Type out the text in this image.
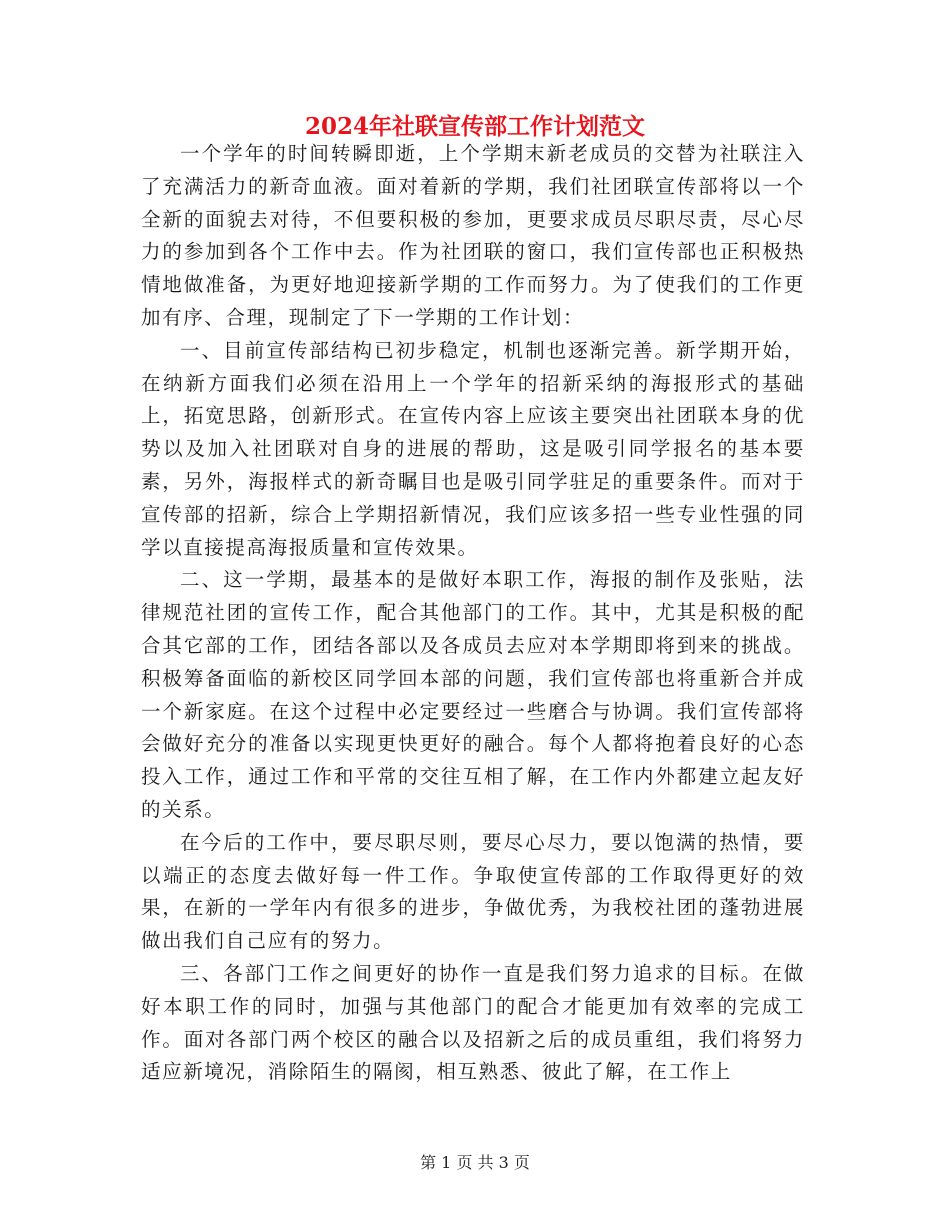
2024年社联宣传部工作计划范文

一个学年的时间转瞬即逝，上个学期末新老成员的交替为社联注入了充满活力的新奇血液。面对着新的学期，我们社团联宣传部将以一个全新的面貌去对待，不但要积极的参加，更要求成员尽职尽责，尽心尽力的参加到各个工作中去。作为社团联的窗口，我们宣传部也正积极热情地做准备，为更好地迎接新学期的工作而努力。为了使我们的工作更加有序、合理，现制定了下一学期的工作计划：

一、目前宣传部结构已初步稳定，机制也逐渐完善。新学期开始，在纳新方面我们必须在沿用上一个学年的招新采纳的海报形式的基础上，拓宽思路，创新形式。在宣传内容上应该主要突出社团联本身的优势以及加入社团联对自身的进展的帮助，这是吸引同学报名的基本要素，另外，海报样式的新奇瞩目也是吸引同学驻足的重要条件。而对于宣传部的招新，综合上学期招新情况，我们应该多招一些专业性强的同学以直接提高海报质量和宣传效果。

二、这一学期，最基本的是做好本职工作，海报的制作及张贴，法律规范社团的宣传工作，配合其他部门的工作。其中，尤其是积极的配合其它部的工作，团结各部以及各成员去应对本学期即将到来的挑战。积极筹备面临的新校区同学回本部的问题，我们宣传部也将重新合并成一个新家庭。在这个过程中必定要经过一些磨合与协调。我们宣传部将会做好充分的准备以实现更快更好的融合。每个人都将抱着良好的心态投入工作，通过工作和平常的交往互相了解，在工作内外都建立起友好的关系。

在今后的工作中，要尽职尽则，要尽心尽力，要以饱满的热情，要以端正的态度去做好每一件工作。争取使宣传部的工作取得更好的效果，在新的一学年内有很多的进步，争做优秀，为我校社团的蓬勃进展做出我们自己应有的努力。

三、各部门工作之间更好的协作一直是我们努力追求的目标。在做好本职工作的同时，加强与其他部门的配合才能更加有效率的完成工作。面对各部门两个校区的融合以及招新之后的成员重组，我们将努力适应新境况，消除陌生的隔阂，相互熟悉、彼此了解，在工作上

第 1 页 共 3 页
